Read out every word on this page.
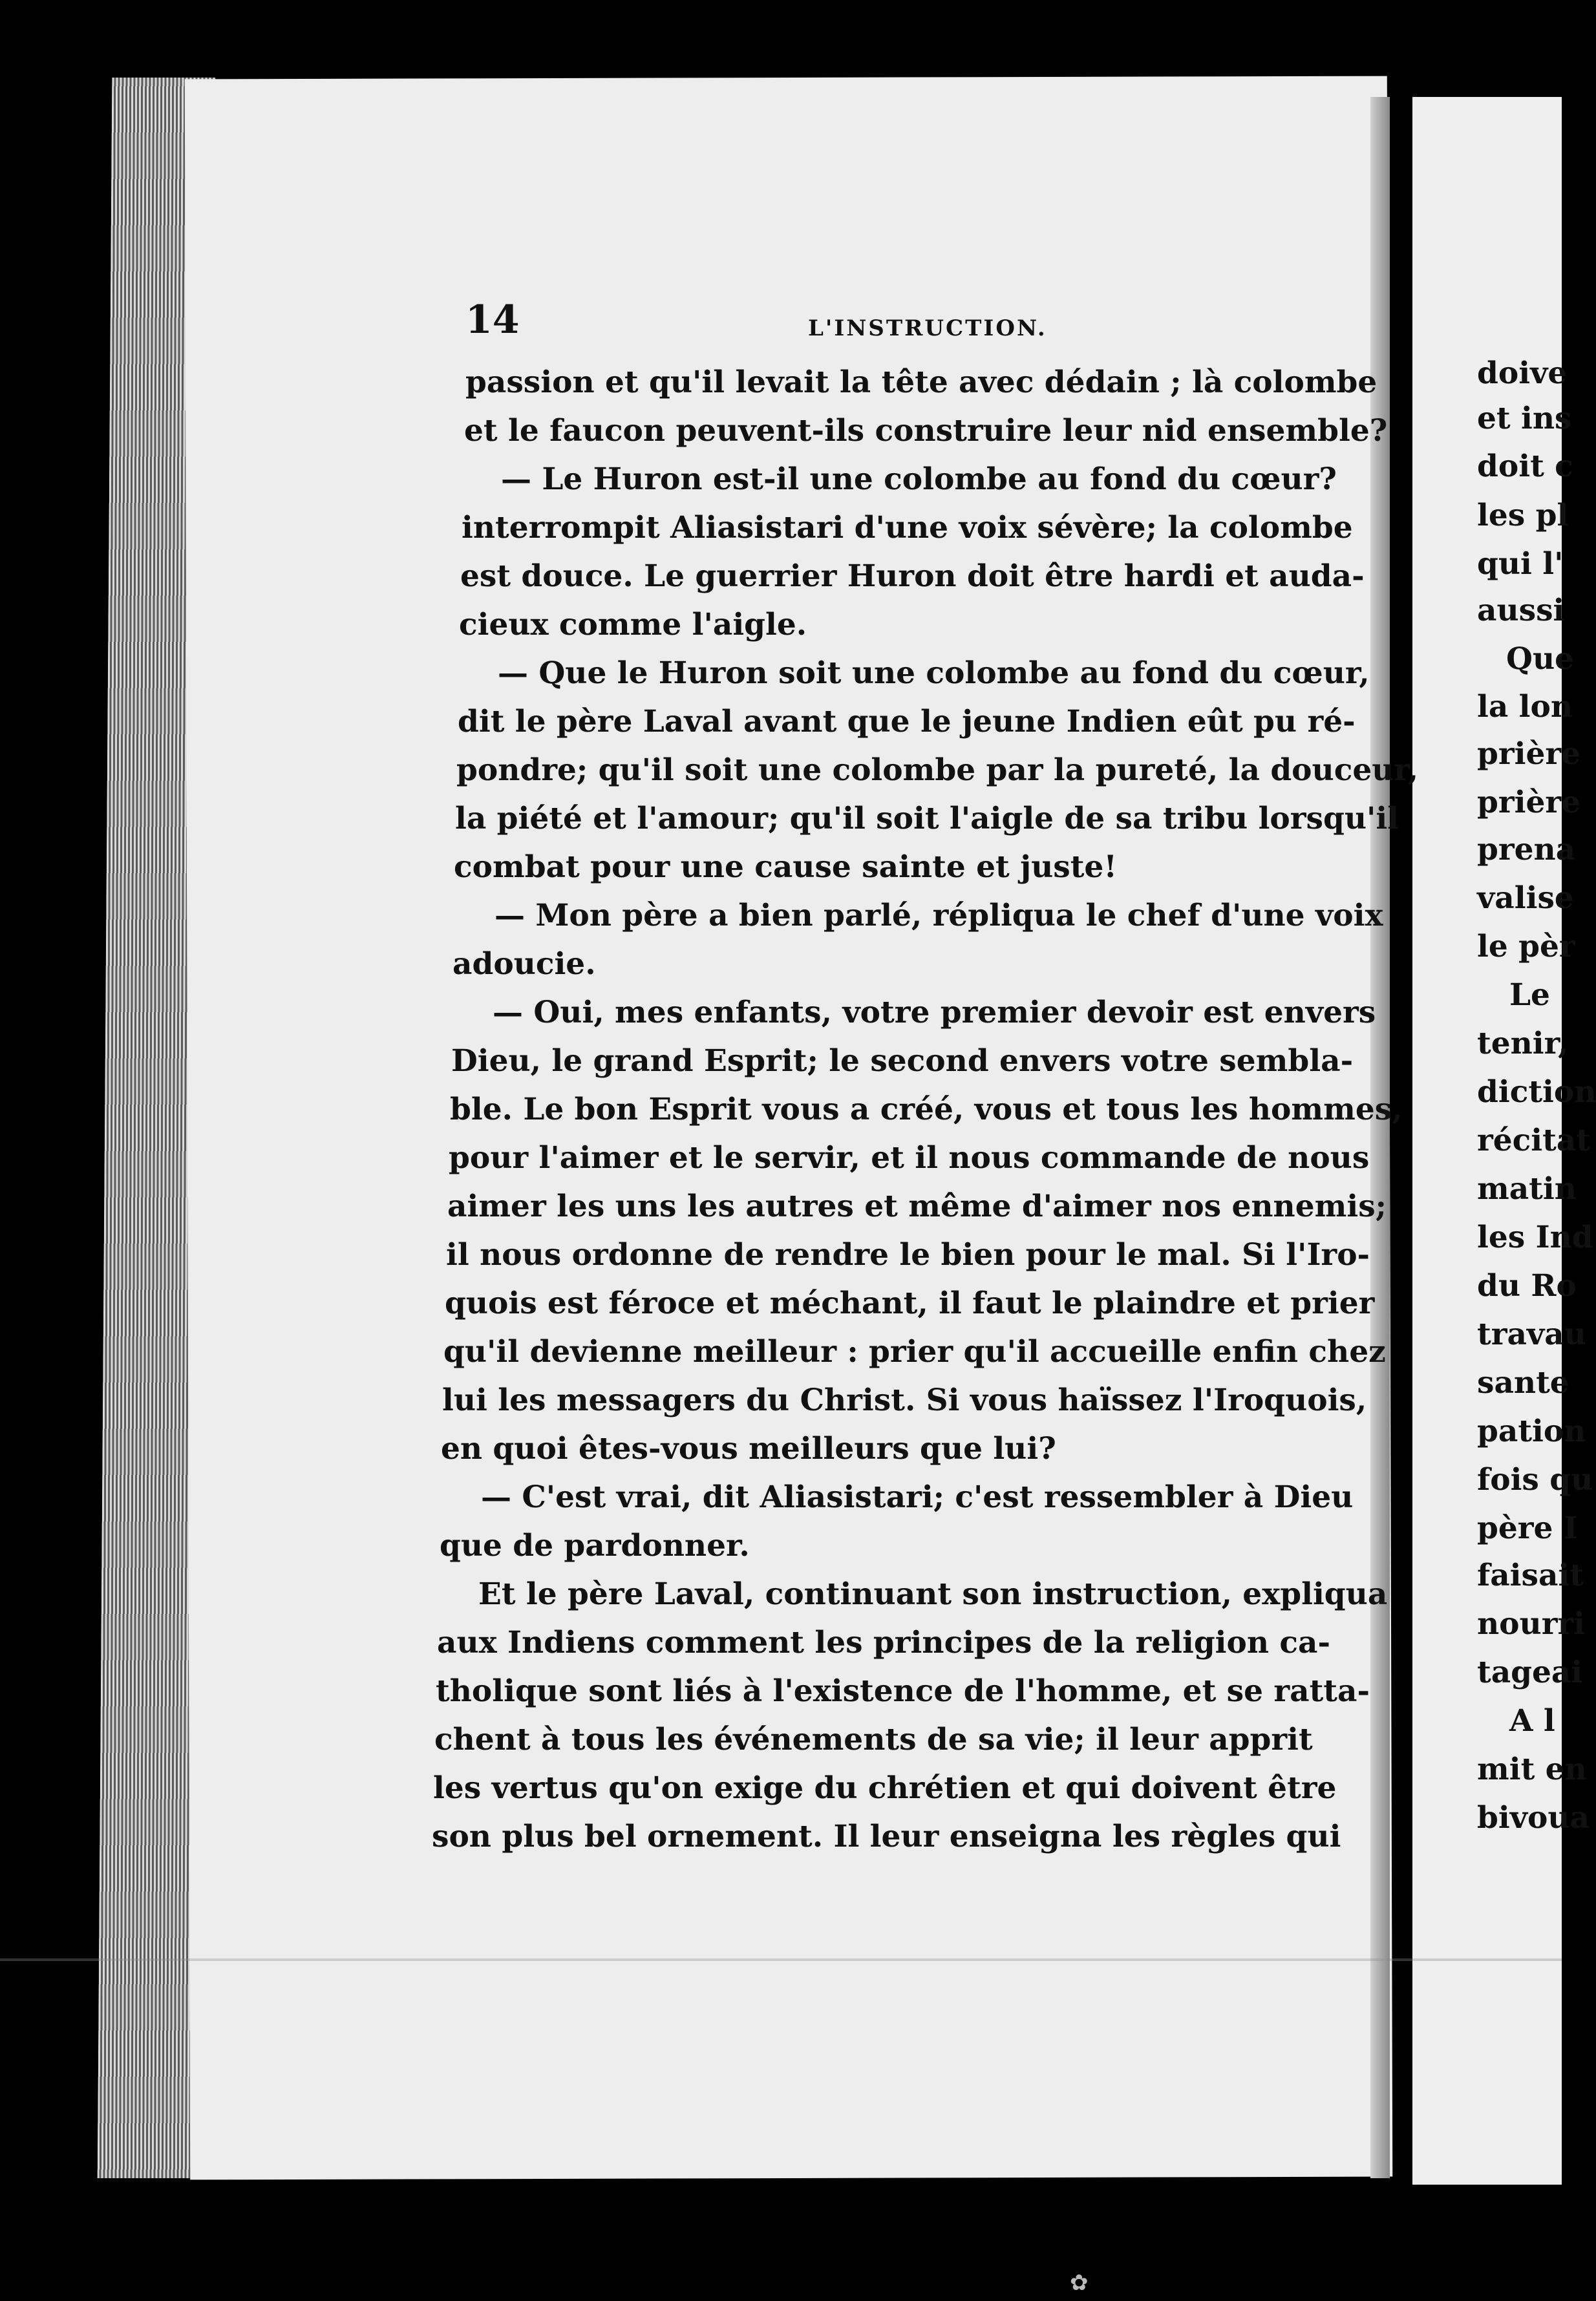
14	L'INSTRUCTION.
passion et qu'il levait la tête avec dédain ; là colombe
et le faucon peuvent-ils construire leur nid ensemble?
— Le Huron est-il une colombe au fond du cœur?
interrompit Aliasistari d'une voix sévère; la colombe
est douce. Le guerrier Huron doit être hardi et auda-
cieux comme l'aigle.
— Que le Huron soit une colombe au fond du cœur,
dit le père Laval avant que le jeune Indien eût pu ré-
pondre; qu'il soit une colombe par la pureté, la douceur,
la piété et l'amour; qu'il soit l'aigle de sa tribu lorsqu'il
combat pour une cause sainte et juste!
— Mon père a bien parlé, répliqua le chef d'une voix
adoucie.
— Oui, mes enfants, votre premier devoir est envers
Dieu, le grand Esprit; le second envers votre sembla-
ble. Le bon Esprit vous a créé, vous et tous les hommes,
pour l'aimer et le servir, et il nous commande de nous
aimer les uns les autres et même d'aimer nos ennemis;
il nous ordonne de rendre le bien pour le mal. Si l'Iro-
quois est féroce et méchant, il faut le plaindre et prier
qu'il devienne meilleur : prier qu'il accueille enfin chez
lui les messagers du Christ. Si vous haïssez l'Iroquois,
en quoi êtes-vous meilleurs que lui?
— C'est vrai, dit Aliasistari; c'est ressembler à Dieu
que de pardonner.
Et le père Laval, continuant son instruction, expliqua
aux Indiens comment les principes de la religion ca-
tholique sont liés à l'existence de l'homme, et se ratta-
chent à tous les événements de sa vie; il leur apprit
les vertus qu'on exige du chrétien et qui doivent être
son plus bel ornement. Il leur enseigna les règles qui
doive
et ins
doit c
les pl
qui l'
aussi
Que
la lon
prière
prière
prena
valise
le pèr
Le
tenir,
diction
récitat
matin
les Ind
du Ro
travau
sante
pation
fois qu
père I
faisait
nourri
tageai
A l
mit en
bivoua
✿
